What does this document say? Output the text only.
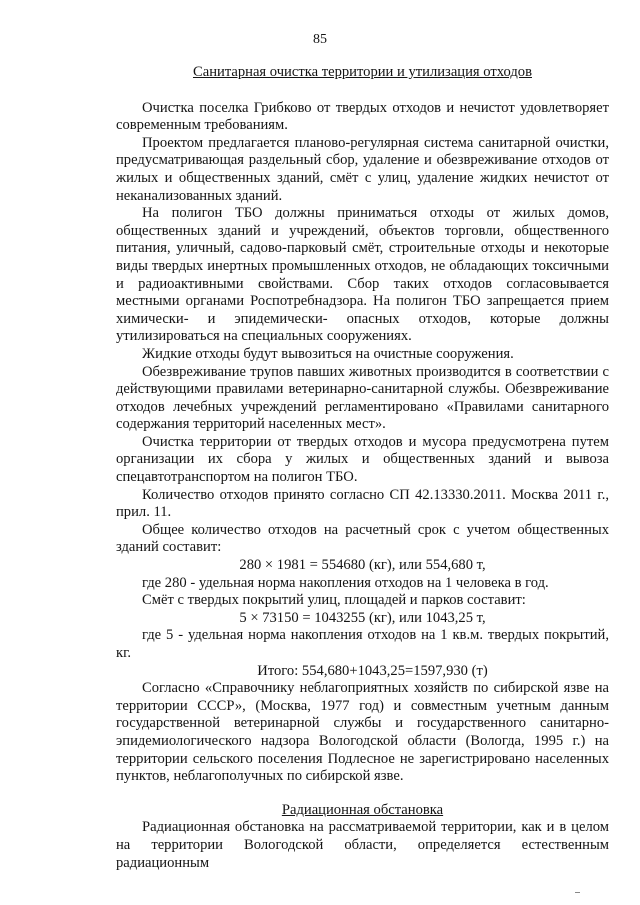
85
Санитарная очистка территории и утилизация отходов

Очистка поселка Грибково от твердых отходов и нечистот удовлетворяет современным требованиям.

Проектом предлагается планово-регулярная система санитарной очистки, предусматривающая раздельный сбор, удаление и обезвреживание отходов от жилых и общественных зданий, смёт с улиц, удаление жидких нечистот от неканализованных зданий.

На полигон ТБО должны приниматься отходы от жилых домов, общественных зданий и учреждений, объектов торговли, общественного питания, уличный, садово-парковый смёт, строительные отходы и некоторые виды твердых инертных промышленных отходов, не обладающих токсичными и радиоактивными свойствами. Сбор таких отходов согласовывается местными органами Роспотребнадзора. На полигон ТБО запрещается прием химически- и эпидемически- опасных отходов, которые должны утилизироваться на специальных сооружениях.

Жидкие отходы будут вывозиться на очистные сооружения.

Обезвреживание трупов павших животных производится в соответствии с действующими правилами ветеринарно-санитарной службы. Обезвреживание отходов лечебных учреждений регламентировано «Правилами санитарного содержания территорий населенных мест».

Очистка территории от твердых отходов и мусора предусмотрена путем организации их сбора у жилых и общественных зданий и вывоза спецавтотранспортом на полигон ТБО.

Количество отходов принято согласно СП 42.13330.2011. Москва 2011 г., прил. 11.

Общее количество отходов на расчетный срок с учетом общественных зданий составит:

280 × 1981 = 554680 (кг), или 554,680 т,

где 280 - удельная норма накопления отходов на 1 человека в год.

Смёт с твердых покрытий улиц, площадей и парков составит:

5 × 73150 = 1043255 (кг), или 1043,25 т,

где 5 - удельная норма накопления отходов на 1 кв.м. твердых покрытий, кг.

Итого: 554,680+1043,25=1597,930 (т)

Согласно «Справочнику неблагоприятных хозяйств по сибирской язве на территории СССР», (Москва, 1977 год) и совместным учетным данным государственной ветеринарной службы и государственного санитарно-эпидемиологического надзора Вологодской области (Вологда, 1995 г.) на территории сельского поселения Подлесное не зарегистрировано населенных пунктов, неблагополучных по сибирской язве.

Радиационная обстановка

Радиационная обстановка на рассматриваемой территории, как и в целом на территории Вологодской области, определяется естественным радиационным
